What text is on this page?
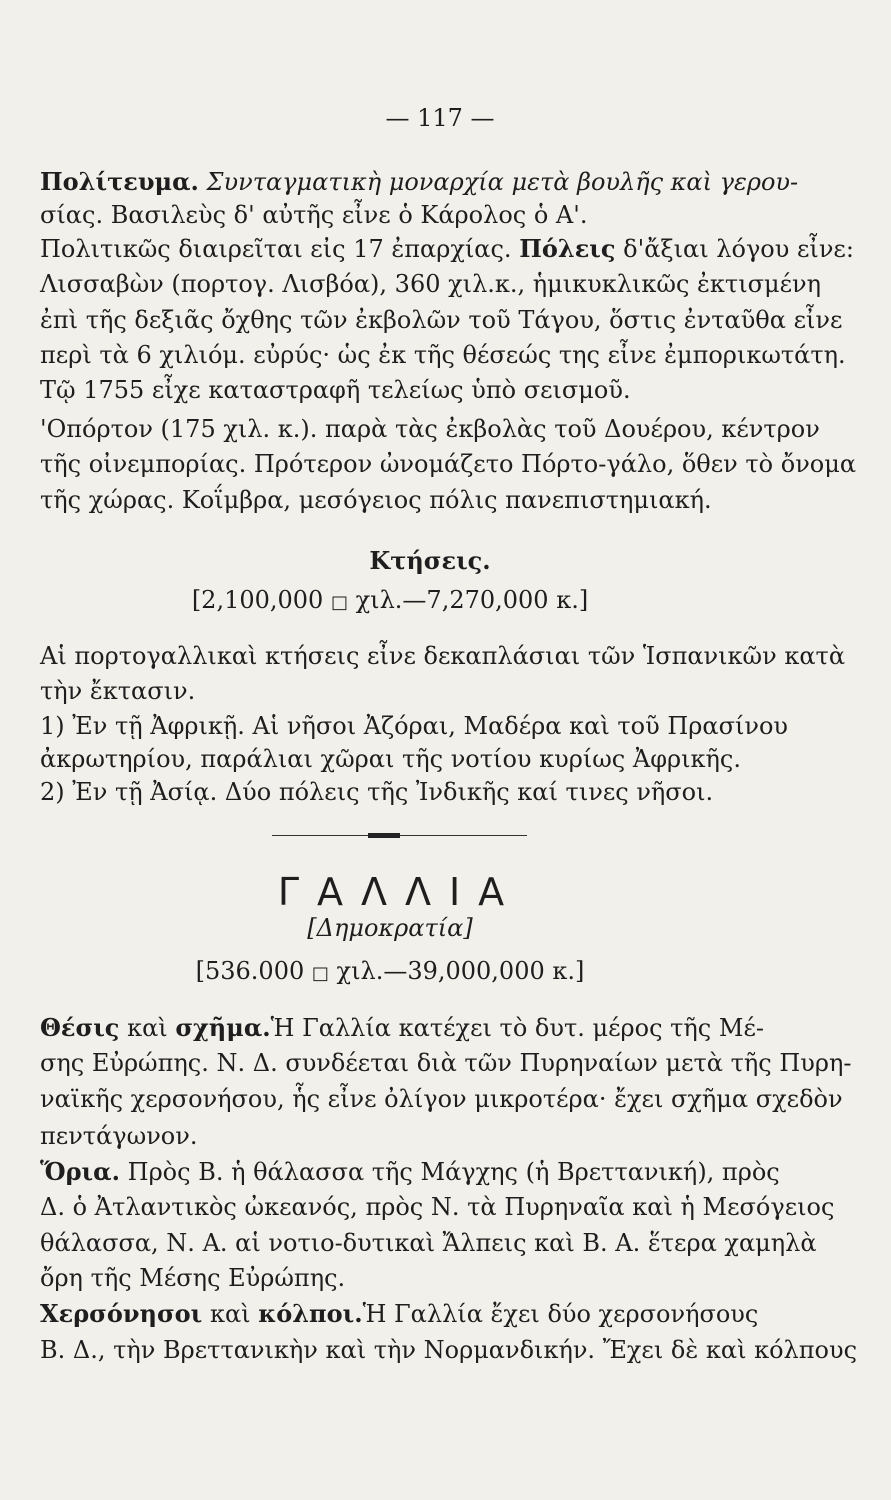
— 117 —
Πολίτευμα. Συνταγματικὴ μοναρχία μετὰ βουλῆς καὶ γερου-
σίας. Βασιλεὺς δ' αὐτῆς εἶνε ὁ Κάρολος ὁ Α'.
Πολιτικῶς διαιρεῖται εἰς 17 ἐπαρχίας. Πόλεις δ'ἄξιαι λόγου εἶνε:
Λισσαβὼν (πορτογ. Λισβόα), 360 χιλ.κ., ἡμικυκλικῶς ἐκτισμένη
ἐπὶ τῆς δεξιᾶς ὄχθης τῶν ἐκβολῶν τοῦ Τάγου, ὅστις ἐνταῦθα εἶνε
περὶ τὰ 6 χιλιόμ. εὐρύς· ὡς ἐκ τῆς θέσεώς της εἶνε ἐμπορικωτάτη.
Τῷ 1755 εἶχε καταστραφῆ τελείως ὑπὸ σεισμοῦ.
'Οπόρτον (175 χιλ. κ.). παρὰ τὰς ἐκβολὰς τοῦ Δουέρου, κέντρον
τῆς οἰνεμπορίας. Πρότερον ὠνομάζετο Πόρτο-γάλο, ὅθεν τὸ ὄνομα
τῆς χώρας. Κοΐμβρα, μεσόγειος πόλις πανεπιστημιακή.
Κτήσεις.
[2,100,000 □ χιλ.—7,270,000 κ.]
Αἱ πορτογαλλικαὶ κτήσεις εἶνε δεκαπλάσιαι τῶν Ἱσπανικῶν κατὰ
τὴν ἔκτασιν.
1) Ἐν τῇ Ἀφρικῇ. Αἱ νῆσοι Ἀζόραι, Μαδέρα καὶ τοῦ Πρασίνου
ἀκρωτηρίου, παράλιαι χῶραι τῆς νοτίου κυρίως Ἀφρικῆς.
2) Ἐν τῇ Ἀσίᾳ. Δύο πόλεις τῆς Ἰνδικῆς καί τινες νῆσοι.
ΓΑΛΛΙΑ
[Δημοκρατία]
[536.000 □ χιλ.—39,000,000 κ.]
Θέσις καὶ σχῆμα.Ἡ Γαλλία κατέχει τὸ δυτ. μέρος τῆς Μέ-
σης Εὐρώπης. Ν. Δ. συνδέεται διὰ τῶν Πυρηναίων μετὰ τῆς Πυρη-
ναϊκῆς χερσονήσου, ἧς εἶνε ὀλίγον μικροτέρα· ἔχει σχῆμα σχεδὸν
πεντάγωνον.
Ὅρια. Πρὸς Β. ἡ θάλασσα τῆς Μάγχης (ἡ Βρεττανική), πρὸς
Δ. ὁ Ἀτλαντικὸς ὠκεανός, πρὸς Ν. τὰ Πυρηναῖα καὶ ἡ Μεσόγειος
θάλασσα, Ν. Α. αἱ νοτιο-δυτικαὶ Ἄλπεις καὶ Β. Α. ἕτερα χαμηλὰ
ὄρη τῆς Μέσης Εὐρώπης.
Χερσόνησοι καὶ κόλποι.Ἡ Γαλλία ἔχει δύο χερσονήσους
Β. Δ., τὴν Βρεττανικὴν καὶ τὴν Νορμανδικήν. Ἔχει δὲ καὶ κόλπους
